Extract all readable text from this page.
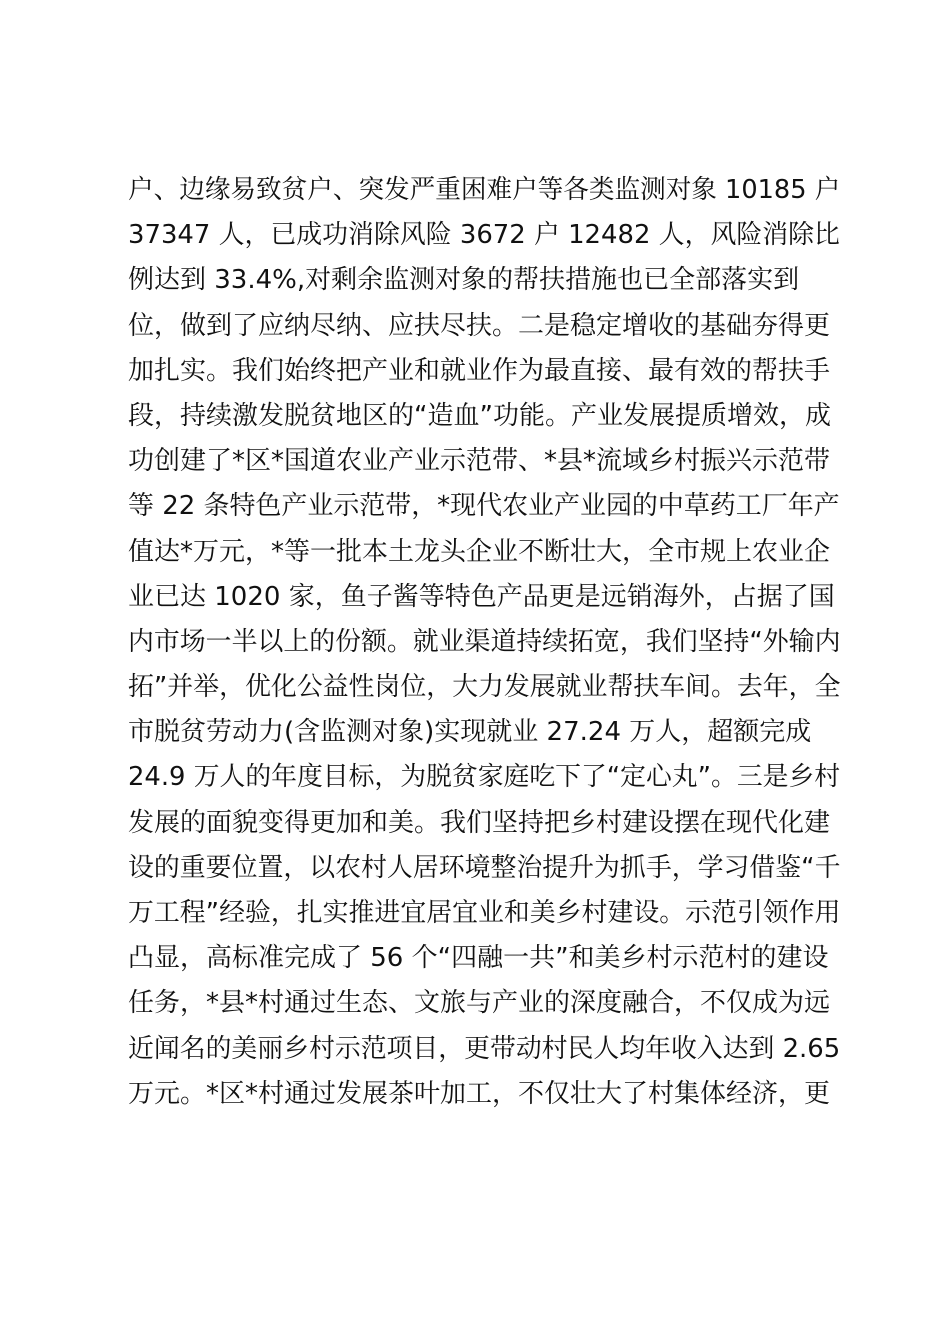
户、边缘易致贫户、突发严重困难户等各类监测对象 10185 户
37347 人，已成功消除风险 3672 户 12482 人，风险消除比
例达到 33.4%,对剩余监测对象的帮扶措施也已全部落实到
位，做到了应纳尽纳、应扶尽扶。二是稳定增收的基础夯得更
加扎实。我们始终把产业和就业作为最直接、最有效的帮扶手
段，持续激发脱贫地区的“造血”功能。产业发展提质增效，成
功创建了*区*国道农业产业示范带、*县*流域乡村振兴示范带
等 22 条特色产业示范带，*现代农业产业园的中草药工厂年产
值达*万元，*等一批本土龙头企业不断壮大，全市规上农业企
业已达 1020 家，鱼子酱等特色产品更是远销海外，占据了国
内市场一半以上的份额。就业渠道持续拓宽，我们坚持“外输内
拓”并举，优化公益性岗位，大力发展就业帮扶车间。去年，全
市脱贫劳动力(含监测对象)实现就业 27.24 万人，超额完成
24.9 万人的年度目标，为脱贫家庭吃下了“定心丸”。三是乡村
发展的面貌变得更加和美。我们坚持把乡村建设摆在现代化建
设的重要位置，以农村人居环境整治提升为抓手，学习借鉴“千
万工程”经验，扎实推进宜居宜业和美乡村建设。示范引领作用
凸显，高标准完成了 56 个“四融一共”和美乡村示范村的建设
任务，*县*村通过生态、文旅与产业的深度融合，不仅成为远
近闻名的美丽乡村示范项目，更带动村民人均年收入达到 2.65
万元。*区*村通过发展茶叶加工，不仅壮大了村集体经济，更
